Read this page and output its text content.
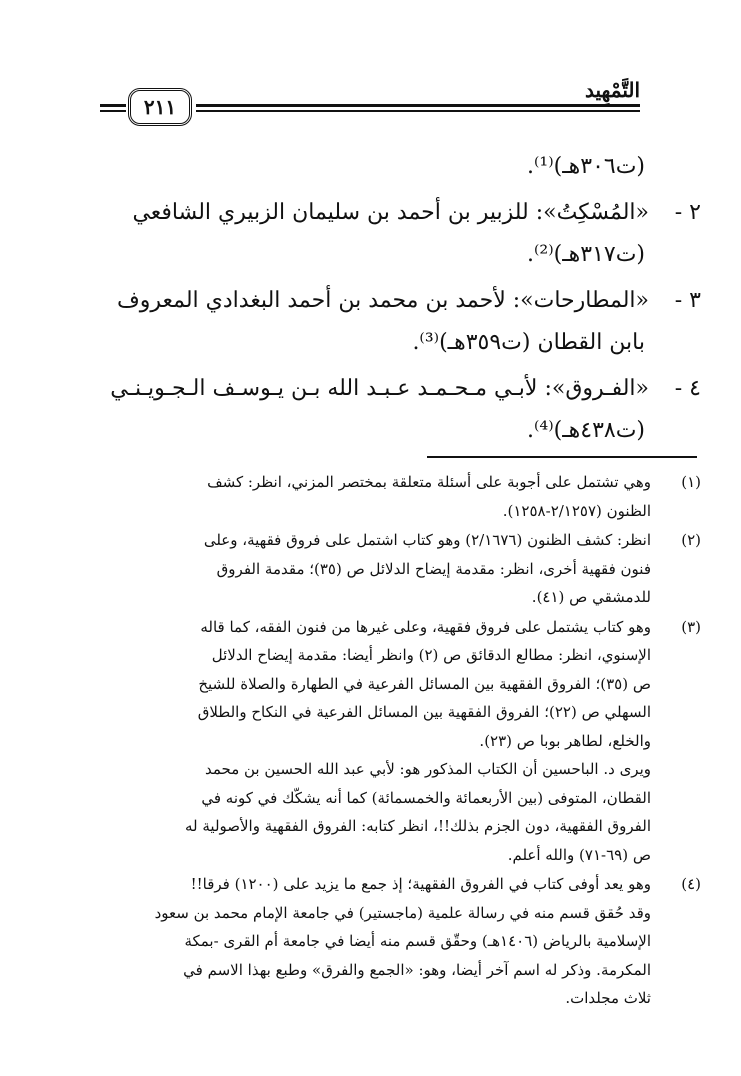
التَّمْهِيد
٢١١
(ت٣٠٦هـ)⁽¹⁾.
٢ -«المُسْكِتُ»: للزبير بن أحمد بن سليمان الزبيري الشافعي
(ت٣١٧هـ)⁽²⁾.
٣ -«المطارحات»: لأحمد بن محمد بن أحمد البغدادي المعروف
بابن القطان (ت٣٥٩هـ)⁽³⁾.
٤ -«الفـروق»: لأبـي مـحـمـد عـبـد الله بـن يـوسـف الـجـويـنـي
(ت٤٣٨هـ)⁽⁴⁾.
(١)
وهي تشتمل على أجوبة على أسئلة متعلقة بمختصر المزني، انظر: كشف
الظنون (٢/١٢٥٧-١٢٥٨).
(٢)
انظر: كشف الظنون (٢/١٦٧٦) وهو كتاب اشتمل على فروق فقهية، وعلى
فنون فقهية أخرى، انظر: مقدمة إيضاح الدلائل ص (٣٥)؛ مقدمة الفروق
للدمشقي ص (٤١).
(٣)
وهو كتاب يشتمل على فروق فقهية، وعلى غيرها من فنون الفقه، كما قاله
الإسنوي، انظر: مطالع الدقائق ص (٢) وانظر أيضا: مقدمة إيضاح الدلائل
ص (٣٥)؛ الفروق الفقهية بين المسائل الفرعية في الطهارة والصلاة للشيخ
السهلي ص (٢٢)؛ الفروق الفقهية بين المسائل الفرعية في النكاح والطلاق
والخلع، لطاهر بوبا ص (٢٣).
ويرى د. الباحسين أن الكتاب المذكور هو: لأبي عبد الله الحسين بن محمد
القطان، المتوفى (بين الأربعمائة والخمسمائة) كما أنه يشكّك في كونه في
الفروق الفقهية، دون الجزم بذلك!!، انظر كتابه: الفروق الفقهية والأصولية له
ص (٦٩-٧١) والله أعلم.
(٤)
وهو يعد أوفى كتاب في الفروق الفقهية؛ إذ جمع ما يزيد على (١٢٠٠) فرقا!!
وقد حُقق قسم منه في رسالة علمية (ماجستير) في جامعة الإمام محمد بن سعود
الإسلامية بالرياض (١٤٠٦هـ) وحقّق قسم منه أيضا في جامعة أم القرى -بمكة
المكرمة. وذكر له اسم آخر أيضا، وهو: «الجمع والفرق» وطبع بهذا الاسم في
ثلاث مجلدات.
